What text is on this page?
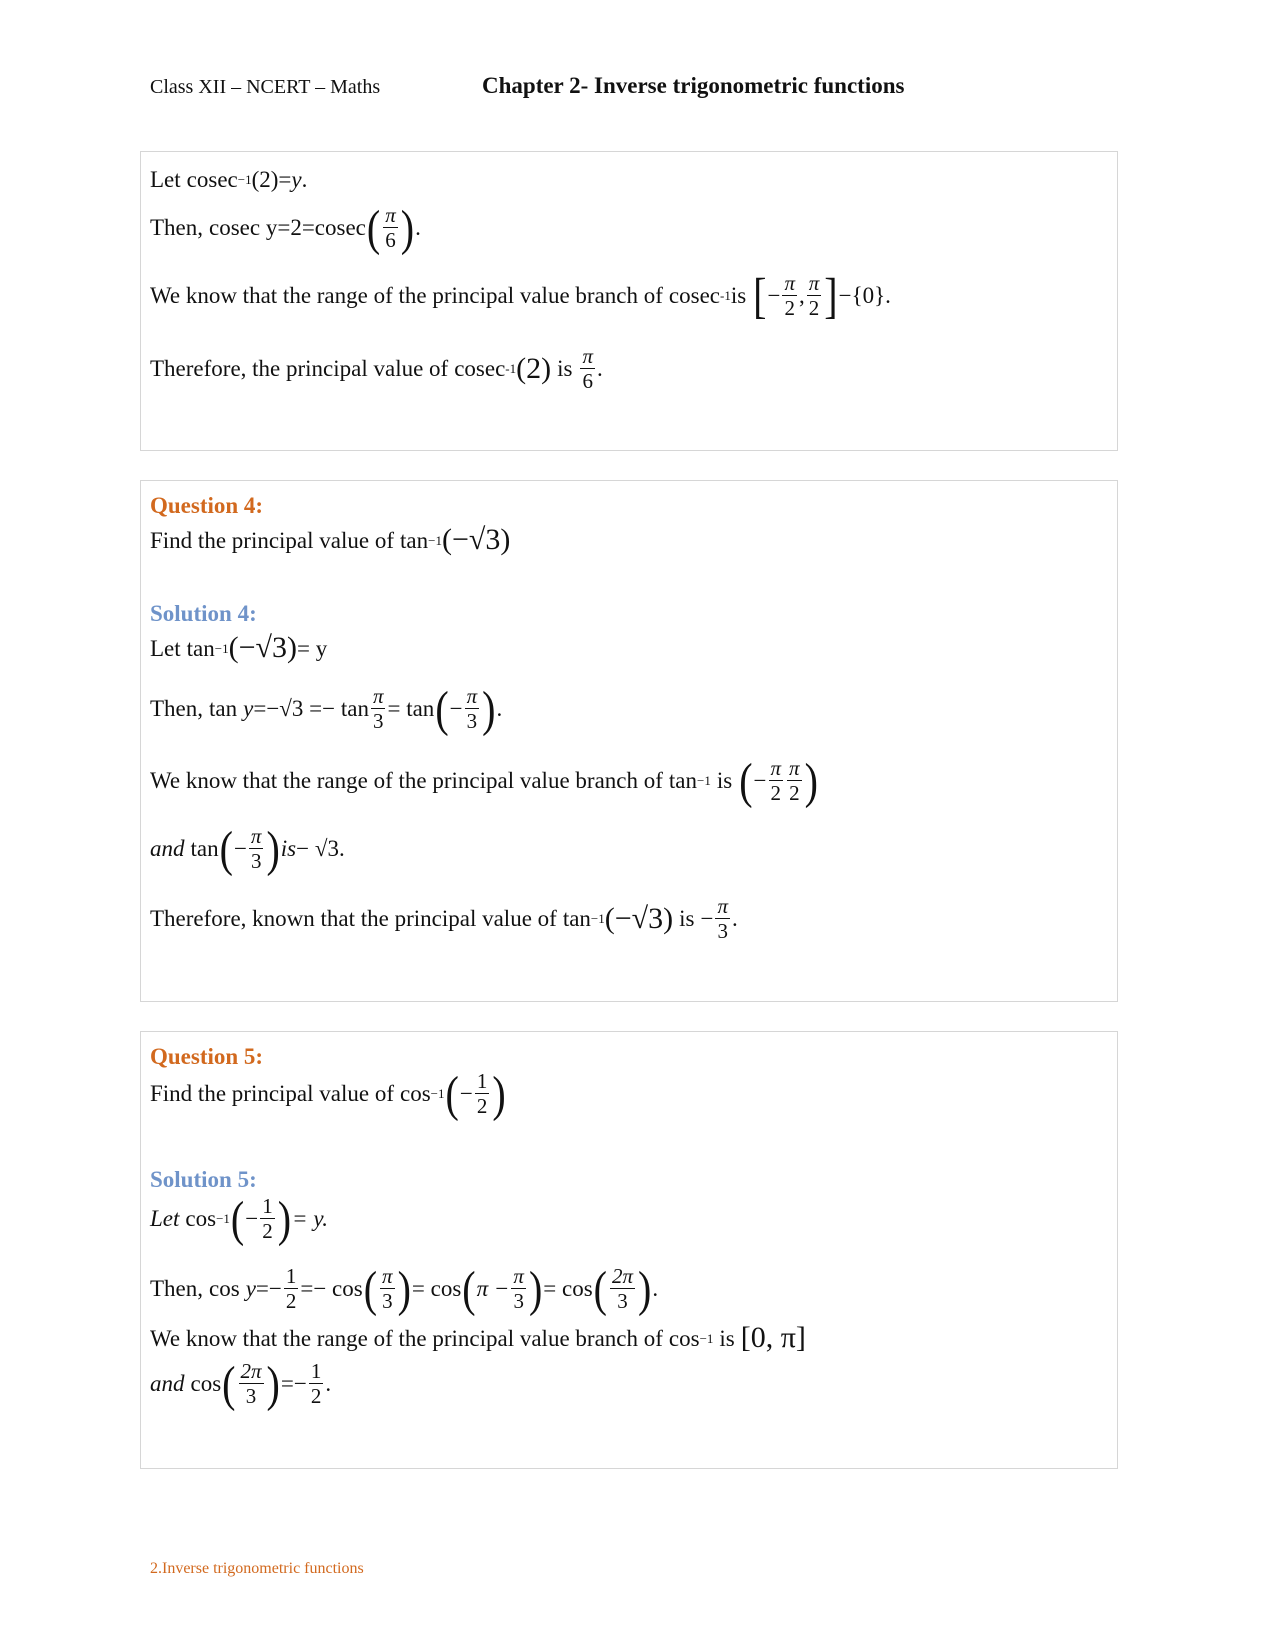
Class XII – NCERT – Maths	Chapter 2- Inverse trigonometric functions
Let cosec −1 (2)= y .
Then, cosec y=2=cosec ( $\frac{\pi}{6}$ ) .
We know that the range of the principal value branch of cosec -1 is [ − $\frac{\pi}{2}$ , $\frac{\pi}{2}$ ] −{0}.
Therefore, the principal value of cosec -1 (2) is $\frac{\pi}{6}$ .
Question 4:
Find the principal value of tan −1 (−√3)
Solution 4:
Let tan −1 (−√3) = y
Then, $\tan y =-√3 =- \tan \frac{\pi}{3} = \tan$ ( − $\frac{\pi}{3}$ ) .
We know that the range of the principal value branch of tan −1 is ( − $\frac{\pi}{2} \frac{\pi}{2}$ )
and tan ( − $\frac{\pi}{3}$ ) is − √3.
Therefore, known that the principal value of tan −1 (−√3) is − $\frac{\pi}{3}$ .
Question 5:
Find the principal value of cos −1 ( − $\frac{1}{2}$ )
Solution 5:
Let cos −1 ( − $\frac{1}{2}$ ) = y.
Then, $\cos y =- \frac{1}{2} =- \cos$ ( $\frac{\pi}{3}$ ) = cos ( $\pi - \frac{\pi}{3}$ ) = cos ( $\frac{2\pi}{3}$ ) .
We know that the range of the principal value branch of cos −1 is [0, π]
and cos ( $\frac{2\pi}{3}$ ) =− $\frac{1}{2}$ .
2.Inverse trigonometric functions
